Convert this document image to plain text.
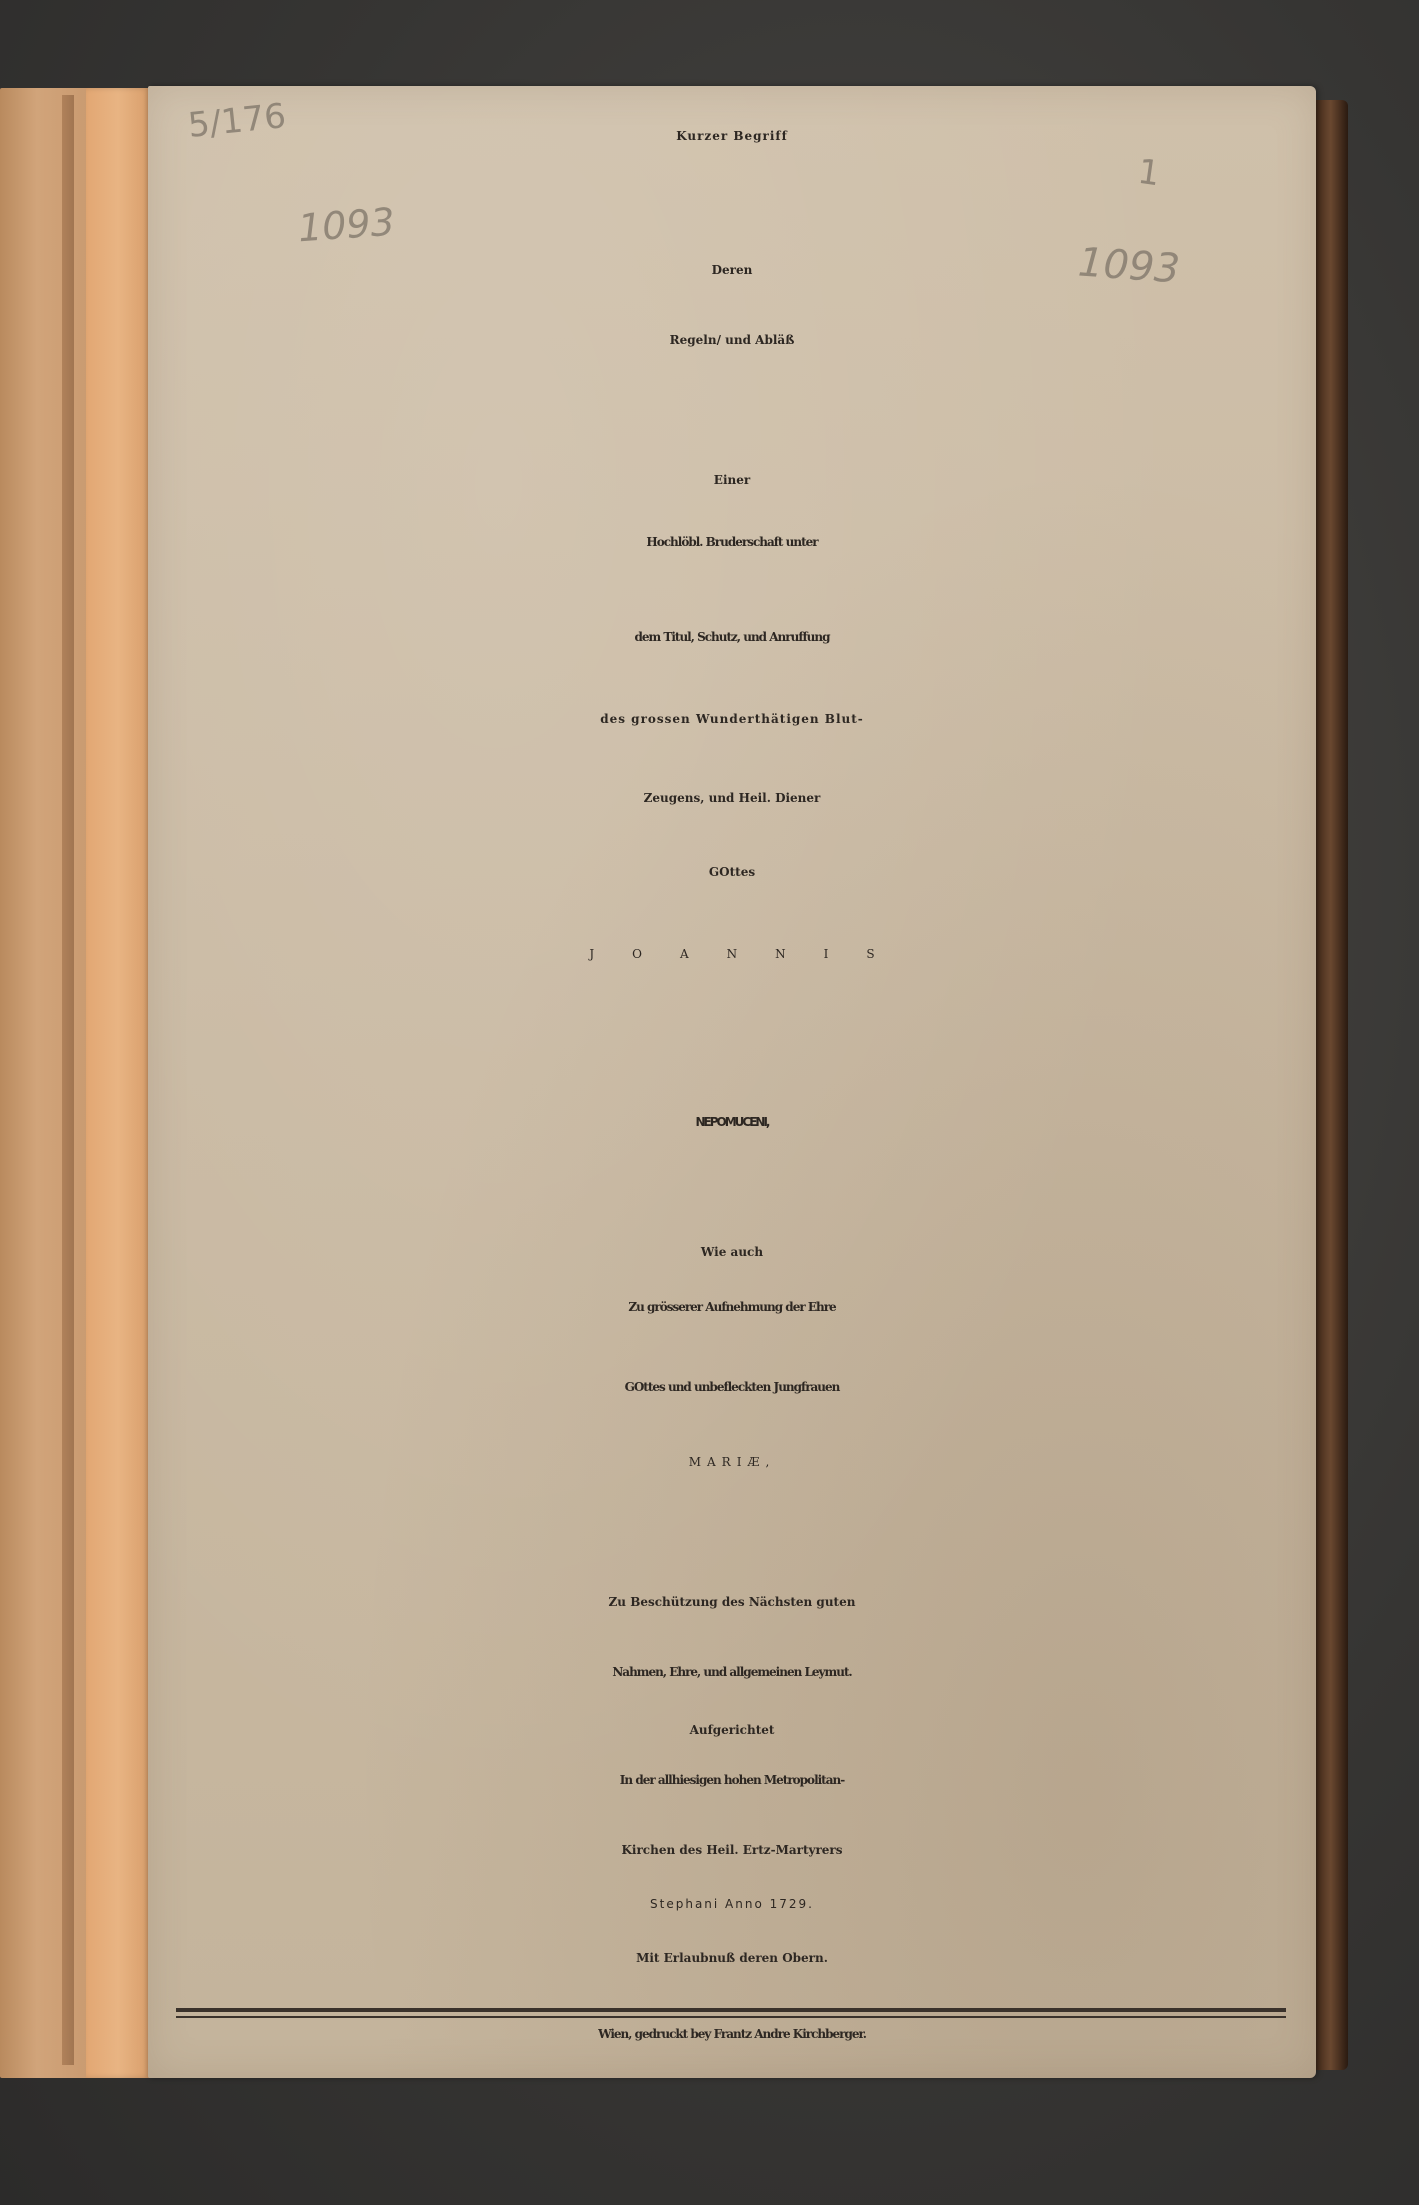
5/176
1093
1
1093
Kurzer Begriff
Deren
Regeln/ und Abläß
Einer
Hochlöbl. Bruderschaft unter
dem Titul, Schutz, und Anruffung
des grossen Wunderthätigen Blut-
Zeugens, und Heil. Diener
GOttes
JOANNIS
NEPOMUCENI,
Wie auch
Zu grösserer Aufnehmung der Ehre
GOttes und unbefleckten Jungfrauen
MARIÆ,
Zu Beschützung des Nächsten guten
Nahmen, Ehre, und allgemeinen Leymut.
Aufgerichtet
In der allhiesigen hohen Metropolitan-
Kirchen des Heil. Ertz-Martyrers
Stephani Anno 1729.
Mit Erlaubnuß deren Obern.
Wien, gedruckt bey Frantz Andre Kirchberger.
